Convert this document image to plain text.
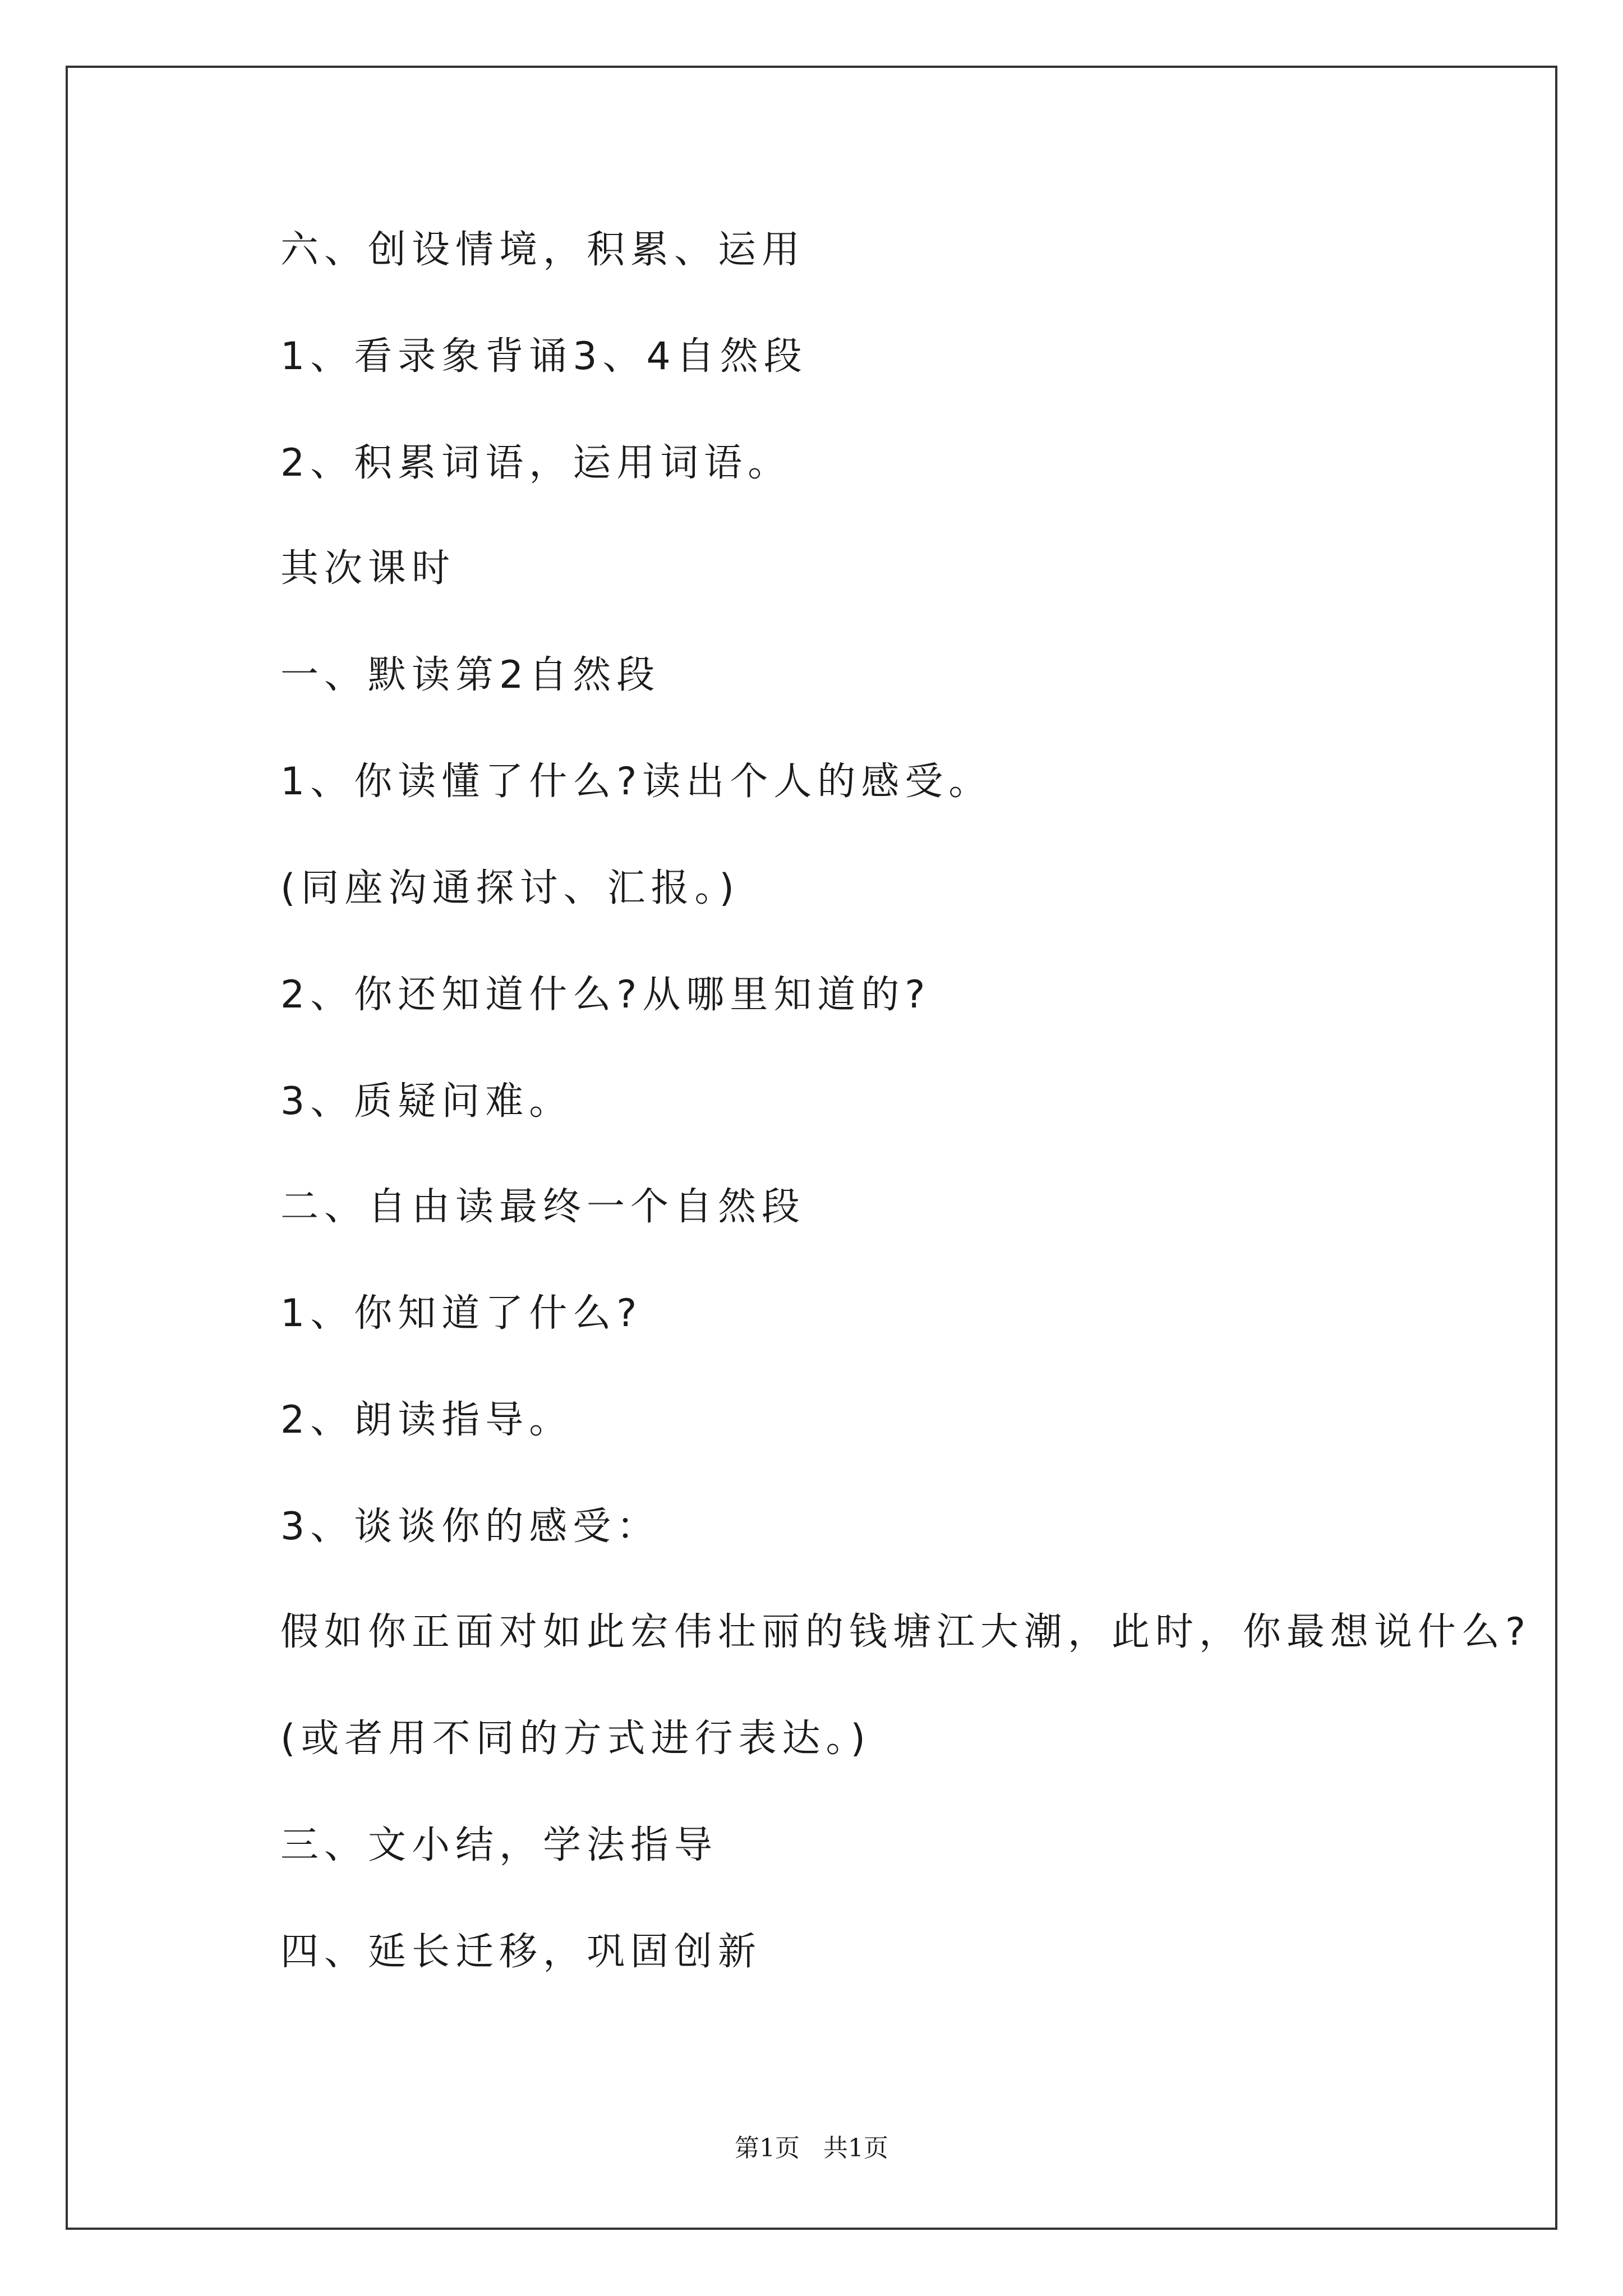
六、创设情境，积累、运用
1、看录象背诵3、4自然段
2、积累词语，运用词语。
其次课时
一、默读第2自然段
1、你读懂了什么?读出个人的感受。
(同座沟通探讨、汇报。)
2、你还知道什么?从哪里知道的?
3、质疑问难。
二、自由读最终一个自然段
1、你知道了什么?
2、朗读指导。
3、谈谈你的感受：
假如你正面对如此宏伟壮丽的钱塘江大潮，此时，你最想说什么?
(或者用不同的方式进行表达。)
三、文小结，学法指导
四、延长迁移，巩固创新
第1页   共1页
